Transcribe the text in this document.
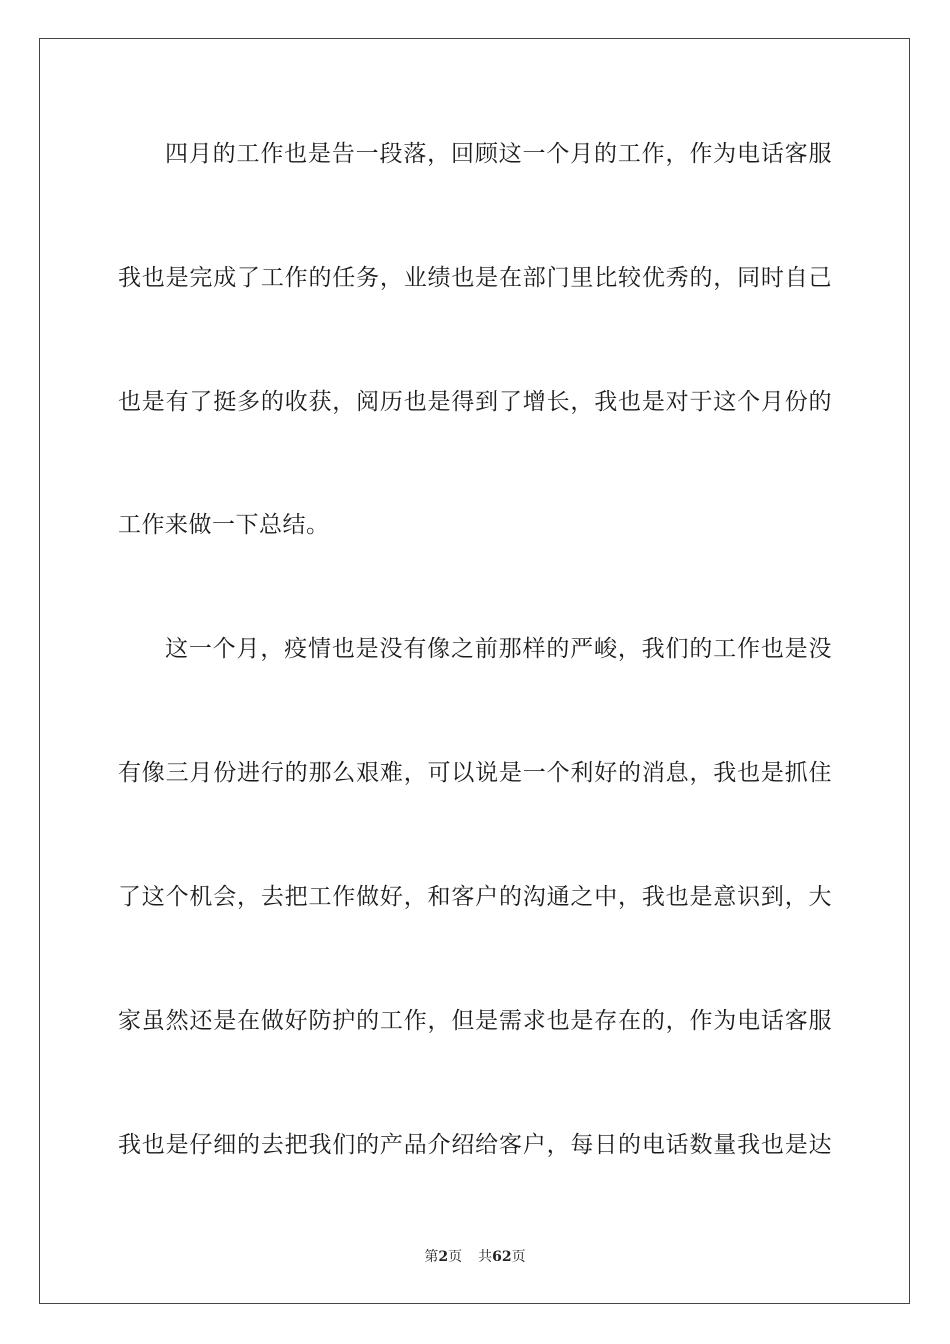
四月的工作也是告一段落，回顾这一个月的工作，作为电话客服
我也是完成了工作的任务，业绩也是在部门里比较优秀的，同时自己
也是有了挺多的收获，阅历也是得到了增长，我也是对于这个月份的
工作来做一下总结。
这一个月，疫情也是没有像之前那样的严峻，我们的工作也是没
有像三月份进行的那么艰难，可以说是一个利好的消息，我也是抓住
了这个机会，去把工作做好，和客户的沟通之中，我也是意识到，大
家虽然还是在做好防护的工作，但是需求也是存在的，作为电话客服
我也是仔细的去把我们的产品介绍给客户，每日的电话数量我也是达
第2页 共62页
